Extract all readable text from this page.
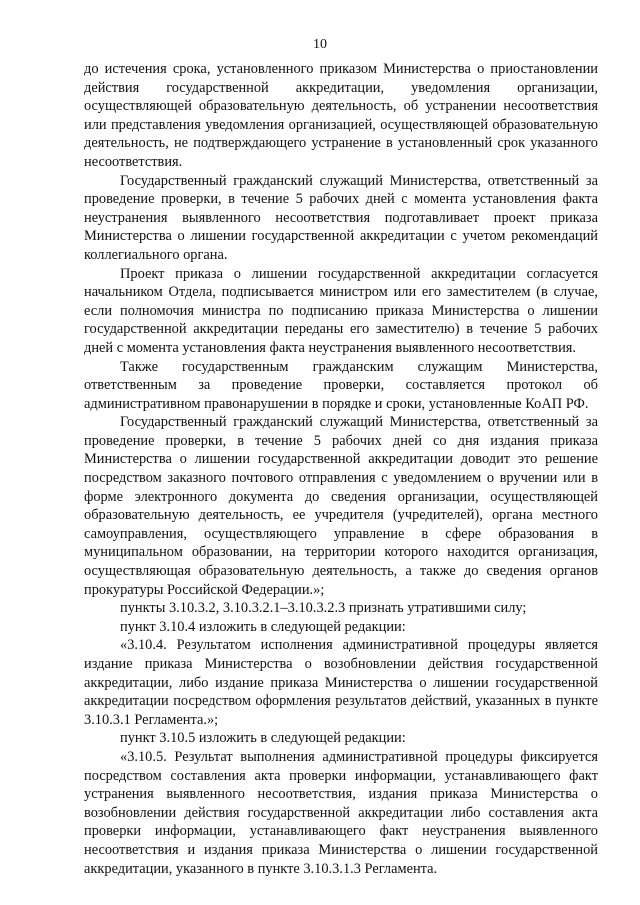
10

до истечения срока, установленного приказом Министерства о приостановлении действия государственной аккредитации, уведомления организации, осуществляющей образовательную деятельность, об устранении несоответствия или представления уведомления организацией, осуществляющей образовательную деятельность, не подтверждающего устранение в установленный срок указанного несоответствия.

Государственный гражданский служащий Министерства, ответственный за проведение проверки, в течение 5 рабочих дней с момента установления факта неустранения выявленного несоответствия подготавливает проект приказа Министерства о лишении государственной аккредитации с учетом рекомендаций коллегиального органа.

Проект приказа о лишении государственной аккредитации согласуется начальником Отдела, подписывается министром или его заместителем (в случае, если полномочия министра по подписанию приказа Министерства о лишении государственной аккредитации переданы его заместителю) в течение 5 рабочих дней с момента установления факта неустранения выявленного несоответствия.

Также государственным гражданским служащим Министерства, ответственным за проведение проверки, составляется протокол об административном правонарушении в порядке и сроки, установленные КоАП РФ.

Государственный гражданский служащий Министерства, ответственный за проведение проверки, в течение 5 рабочих дней со дня издания приказа Министерства о лишении государственной аккредитации доводит это решение посредством заказного почтового отправления с уведомлением о вручении или в форме электронного документа до сведения организации, осуществляющей образовательную деятельность, ее учредителя (учредителей), органа местного самоуправления, осуществляющего управление в сфере образования в муниципальном образовании, на территории которого находится организация, осуществляющая образовательную деятельность, а также до сведения органов прокуратуры Российской Федерации.»;

пункты 3.10.3.2, 3.10.3.2.1–3.10.3.2.3 признать утратившими силу;

пункт 3.10.4 изложить в следующей редакции:

«3.10.4. Результатом исполнения административной процедуры является издание приказа Министерства о возобновлении действия государственной аккредитации, либо издание приказа Министерства о лишении государственной аккредитации посредством оформления результатов действий, указанных в пункте 3.10.3.1 Регламента.»;

пункт 3.10.5 изложить в следующей редакции:

«3.10.5. Результат выполнения административной процедуры фиксируется посредством составления акта проверки информации, устанавливающего факт устранения выявленного несоответствия, издания приказа Министерства о возобновлении действия государственной аккредитации либо составления акта проверки информации, устанавливающего факт неустранения выявленного несоответствия и издания приказа Министерства о лишении государственной аккредитации, указанного в пункте 3.10.3.1.3 Регламента.
